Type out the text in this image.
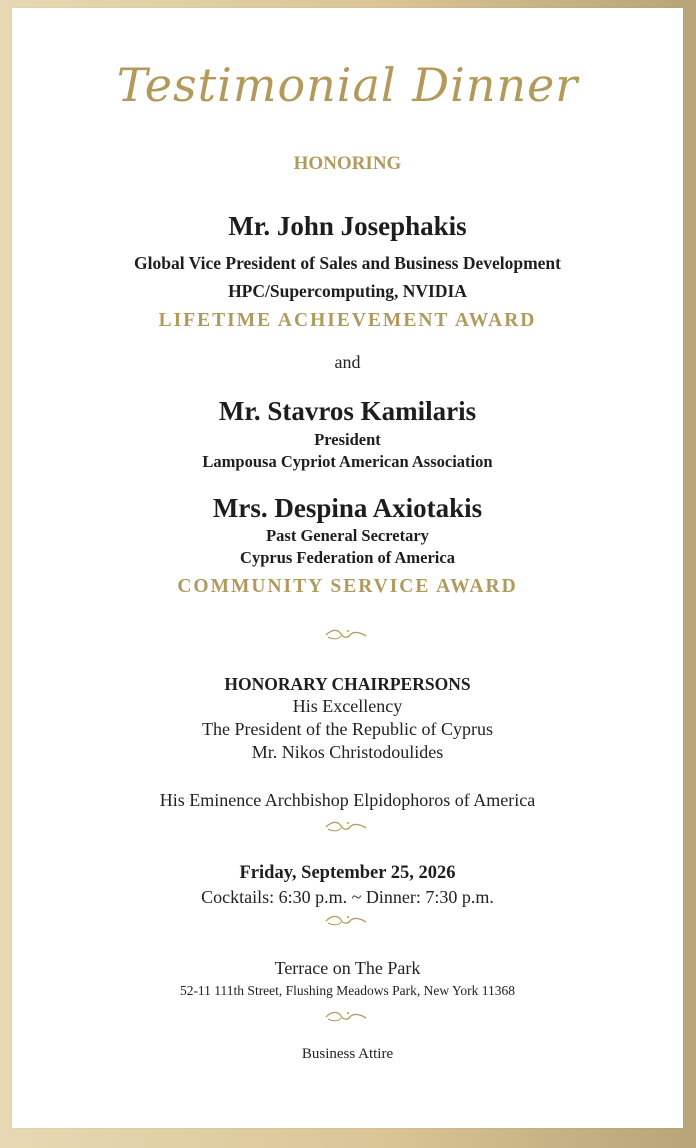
Testimonial Dinner

HONORING

Mr. John Josephakis

Global Vice President of Sales and Business Development

HPC/Supercomputing, NVIDIA

LIFETIME ACHIEVEMENT AWARD

and

Mr. Stavros Kamilaris

President

Lampousa Cypriot American Association

Mrs. Despina Axiotakis

Past General Secretary

Cyprus Federation of America

COMMUNITY SERVICE AWARD

HONORARY CHAIRPERSONS

His Excellency

The President of the Republic of Cyprus

Mr. Nikos Christodoulides

His Eminence Archbishop Elpidophoros of America

Friday, September 25, 2026

Cocktails: 6:30 p.m. ~ Dinner: 7:30 p.m.

Terrace on The Park

52-11 111th Street, Flushing Meadows Park, New York 11368

Business Attire
